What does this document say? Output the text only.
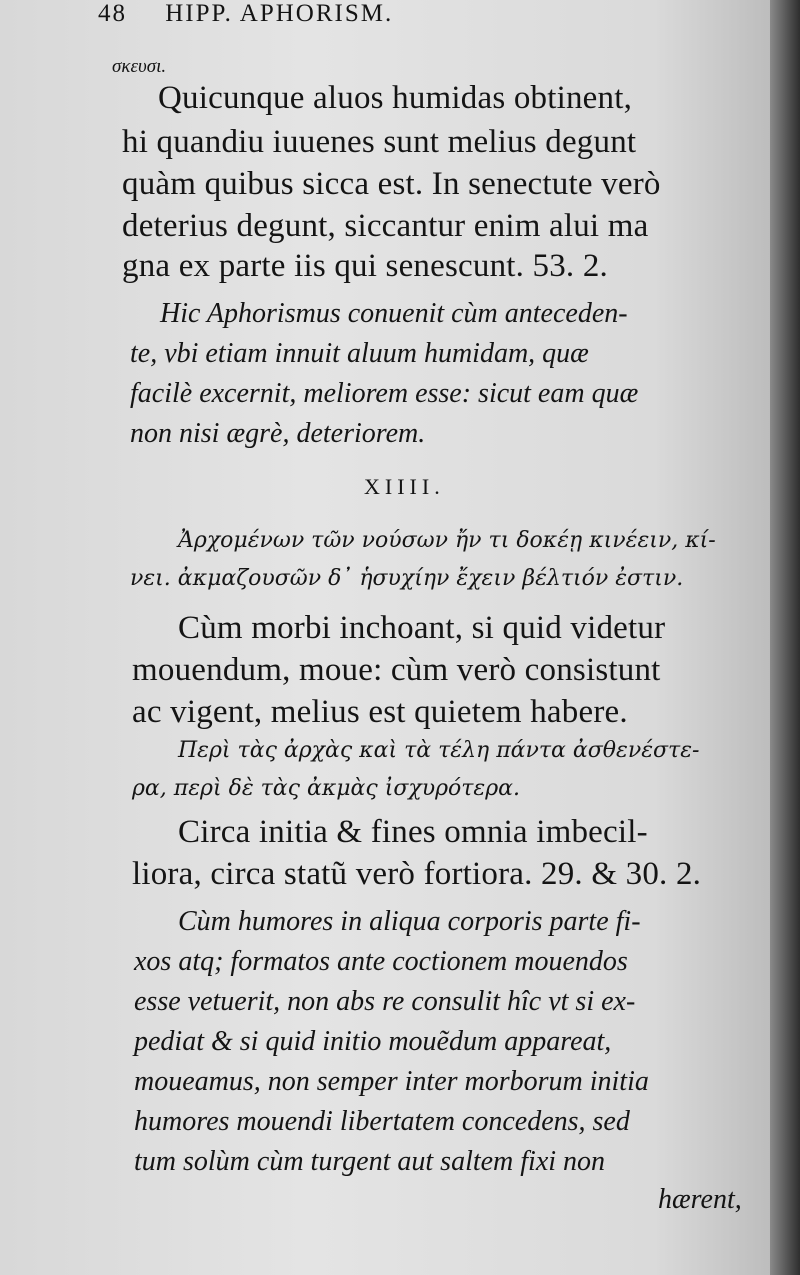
48 HIPP. APHORISM.
σκευσι.
Quicunque aluos humidas obtinent,
hi quandiu iuuenes sunt melius degunt
quàm quibus sicca est. In senectute verò
deterius degunt, siccantur enim alui ma
gna ex parte iis qui senescunt. 53. 2.
Hic Aphorismus conuenit cùm anteceden-
te, vbi etiam innuit aluum humidam, quæ
facilè excernit, meliorem esse: sicut eam quæ
non nisi ægrè, deteriorem.
XIIII.
Ἀρχομένων τῶν νούσων ἤν τι δοκέῃ κινέειν, κί-
νει. ἀκμαζουσῶν δ᾽ ἡσυχίην ἔχειν βέλτιόν ἐστιν.
Cùm morbi inchoant, si quid videtur
mouendum, moue: cùm verò consistunt
ac vigent, melius est quietem habere.
Περὶ τὰς ἀρχὰς καὶ τὰ τέλη πάντα ἀσθενέστε-
ρα, περὶ δὲ τὰς ἀκμὰς ἰσχυρότερα.
Circa initia & fines omnia imbecil-
liora, circa statũ verò fortiora. 29. & 30. 2.
Cùm humores in aliqua corporis parte fi-
xos atq; formatos ante coctionem mouendos
esse vetuerit, non abs re consulit hîc vt si ex-
pediat & si quid initio mouẽdum appareat,
moueamus, non semper inter morborum initia
humores mouendi libertatem concedens, sed
tum solùm cùm turgent aut saltem fixi non
hærent,
